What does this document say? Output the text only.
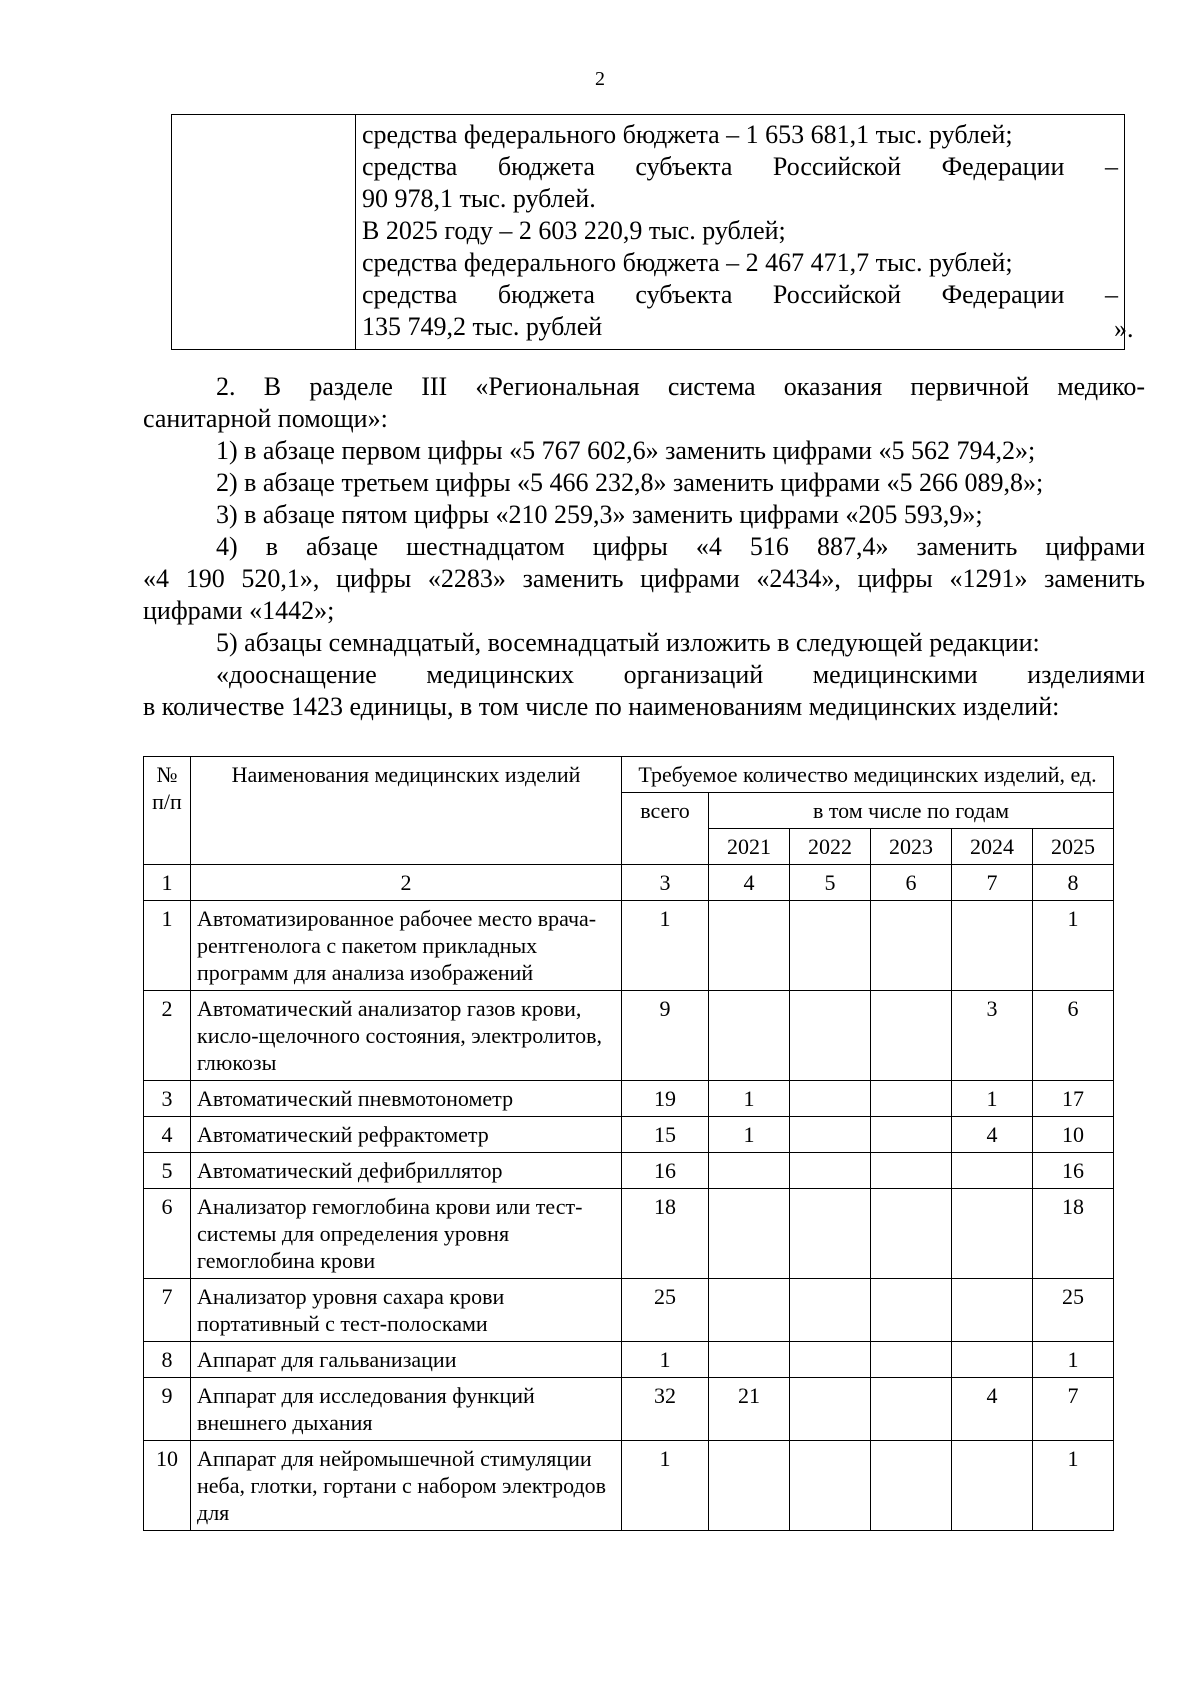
2

средства федерального бюджета – 1 653 681,1 тыс. рублей;
средства бюджета субъекта Российской Федерации –
90 978,1 тыс. рублей.
В 2025 году – 2 603 220,9 тыс. рублей;
средства федерального бюджета – 2 467 471,7 тыс. рублей;
средства бюджета субъекта Российской Федерации –
135 749,2 тыс. рублей	».

2. В разделе III «Региональная система оказания первичной медико-

санитарной помощи»:

1) в абзаце первом цифры «5 767 602,6» заменить цифрами «5 562 794,2»;

2) в абзаце третьем цифры «5 466 232,8» заменить цифрами «5 266 089,8»;

3) в абзаце пятом цифры «210 259,3» заменить цифрами «205 593,9»;

4) в абзаце шестнадцатом цифры «4 516 887,4» заменить цифрами

«4 190 520,1», цифры «2283» заменить цифрами «2434», цифры «1291» заменить

цифрами «1442»;

5) абзацы семнадцатый, восемнадцатый изложить в следующей редакции:

«дооснащение медицинских организаций медицинскими изделиями

в количестве 1423 единицы, в том числе по наименованиям медицинских изделий:

№ п/п	Наименования медицинских изделий	Требуемое количество медицинских изделий, ед.					
		всего	в том числе по годам				
			2021	2022	2023	2024	2025
1	2	3	4	5	6	7	8
1	Автоматизированное рабочее место врача-рентгенолога с пакетом прикладных программ для анализа изображений	1					1
2	Автоматический анализатор газов крови, кисло-щелочного состояния, электролитов, глюкозы	9				3	6
3	Автоматический пневмотонометр	19	1			1	17
4	Автоматический рефрактометр	15	1			4	10
5	Автоматический дефибриллятор	16					16
6	Анализатор гемоглобина крови или тест-системы для определения уровня гемоглобина крови	18					18
7	Анализатор уровня сахара крови портативный с тест-полосками	25					25
8	Аппарат для гальванизации	1					1
9	Аппарат для исследования функций внешнего дыхания	32	21			4	7
10	Аппарат для нейромышечной стимуляции неба, глотки, гортани с набором электродов для	1					1
